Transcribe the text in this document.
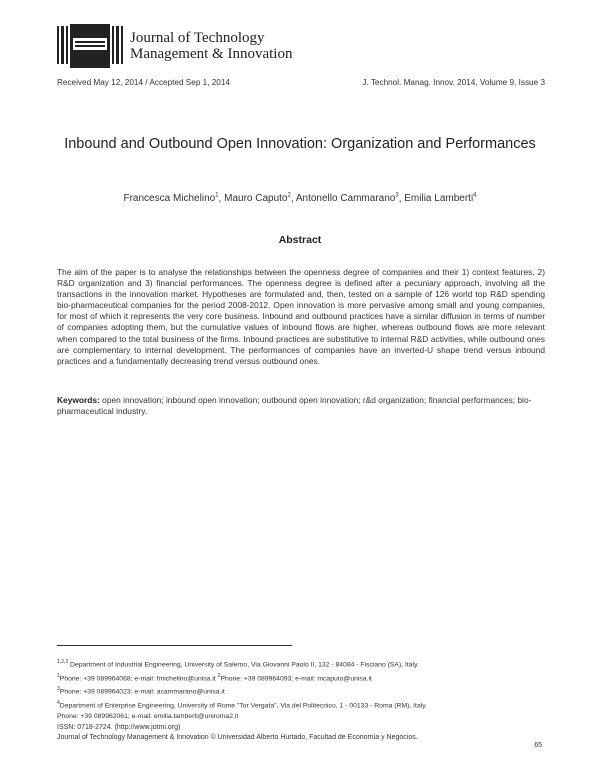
Journal of Technology
Management & Innovation
Received May 12, 2014 / Accepted Sep 1, 2014	J. Technol. Manag. Innov. 2014, Volume 9, Issue 3
Inbound and Outbound Open Innovation: Organization and Performances
Francesca Michelino$^1$, Mauro Caputo$^2$, Antonello Cammarano$^3$, Emilia Lamberti$^4$
Abstract
The aim of the paper is to analyse the relationships between the openness degree of companies and their 1) context features, 2) R&D organization and 3) financial performances. The openness degree is defined after a pecuniary approach, involving all the transactions in the innovation market. Hypotheses are formulated and, then, tested on a sample of 126 world top R&D spending bio-pharmaceutical companies for the period 2008-2012. Open innovation is more pervasive among small and young companies, for most of which it represents the very core business. Inbound and outbound practices have a similar diffusion in terms of number of companies adopting them, but the cumulative values of inbound flows are higher, whereas outbound flows are more relevant when compared to the total business of the firms. Inbound practices are substitutive to internal R&D activities, while outbound ones are complementary to internal development. The performances of companies have an inverted-U shape trend versus inbound practices and a fundamentally decreasing trend versus outbound ones.
Keywords: open innovation; inbound open innovation; outbound open innovation; r&d organization; financial performances; bio-pharmaceutical industry.
$^{1,2,3}$ Department of Industrial Engineering, University of Salerno, Via Giovanni Paolo II, 132 - 84084 - Fisciano (SA), Italy.
$^1$Phone: +39 089964068; e-mail: fmichelino@unisa.it $^2$Phone: +39 089964093; e-mail: mcaputo@unisa.it
$^3$Phone: +39 089964023; e-mail: acammarano@unisa.it
$^4$Department of Enterprise Engineering, University of Rome "Tor Vergata", Via del Politecnico, 1 - 00133 - Roma (RM), Italy.
Phone: +39 089962061; e-mail: emilia.lamberti@uniroma2.it
ISSN: 0718-2724. (http://www.jotmi.org)
Journal of Technology Management & Innovation © Universidad Alberto Hurtado, Facultad de Economía y Negocios.
65
